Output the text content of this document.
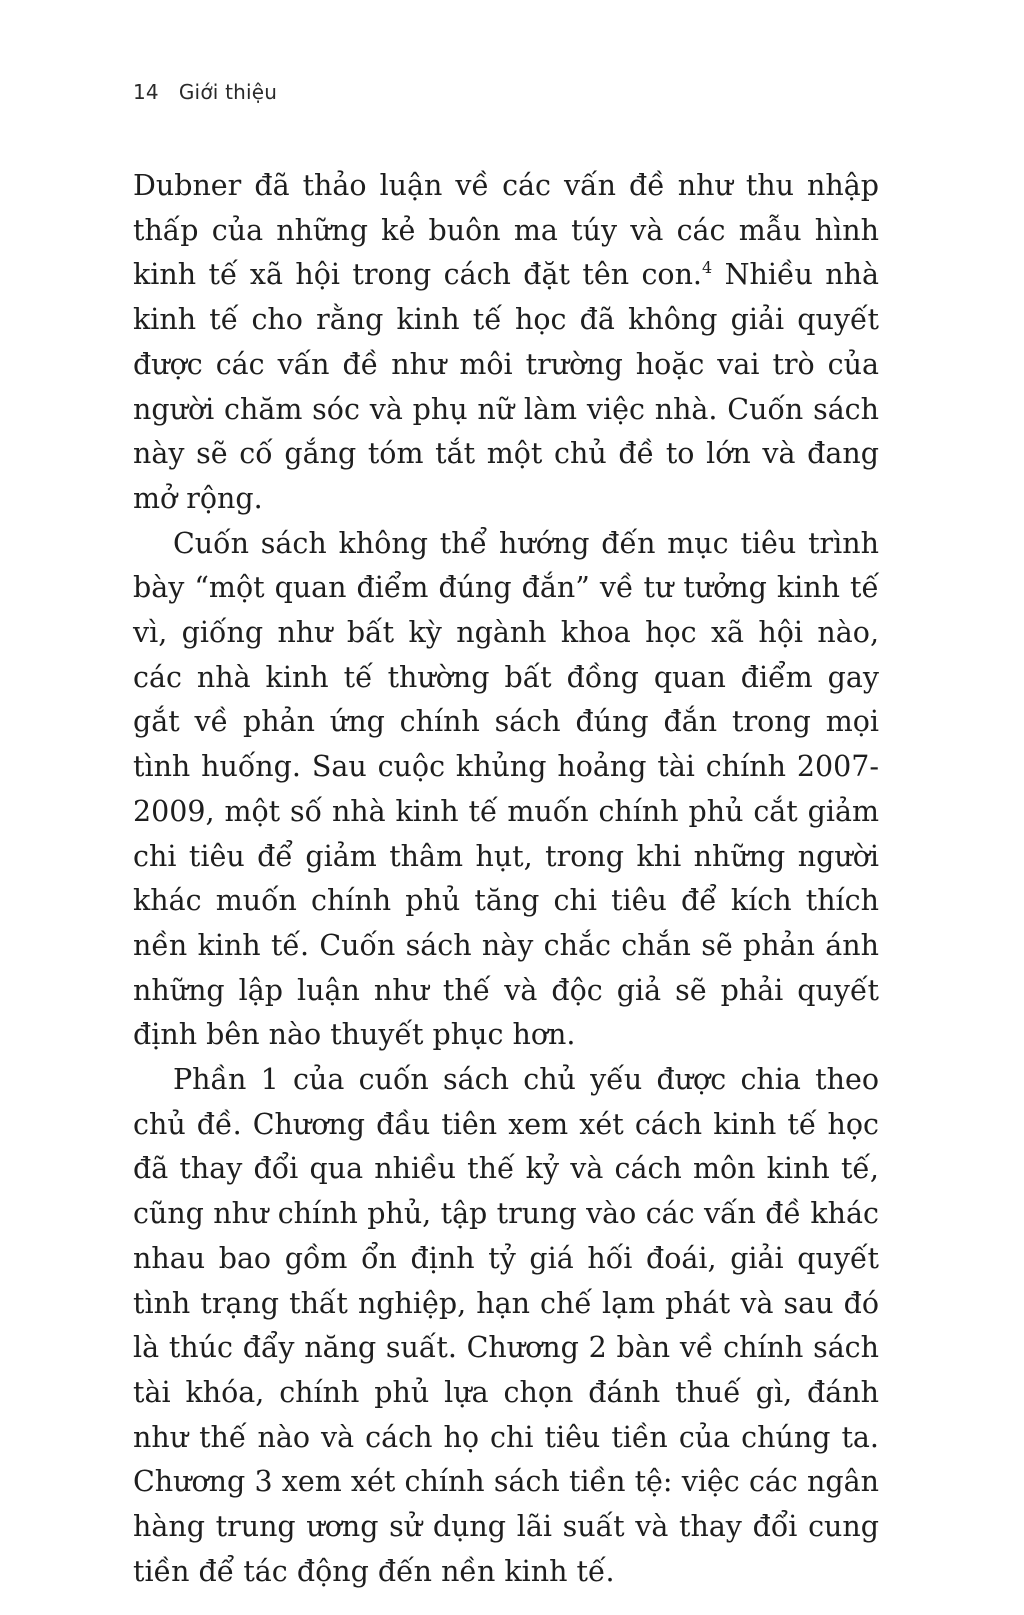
14 Giới thiệu

Dubner đã thảo luận về các vấn đề như thu nhập thấp của những kẻ buôn ma túy và các mẫu hình kinh tế xã hội trong cách đặt tên con.$^4$ Nhiều nhà kinh tế cho rằng kinh tế học đã không giải quyết được các vấn đề như môi trường hoặc vai trò của người chăm sóc và phụ nữ làm việc nhà. Cuốn sách này sẽ cố gắng tóm tắt một chủ đề to lớn và đang mở rộng.

Cuốn sách không thể hướng đến mục tiêu trình bày “một quan điểm đúng đắn” về tư tưởng kinh tế vì, giống như bất kỳ ngành khoa học xã hội nào, các nhà kinh tế thường bất đồng quan điểm gay gắt về phản ứng chính sách đúng đắn trong mọi tình huống. Sau cuộc khủng hoảng tài chính 2007-2009, một số nhà kinh tế muốn chính phủ cắt giảm chi tiêu để giảm thâm hụt, trong khi những người khác muốn chính phủ tăng chi tiêu để kích thích nền kinh tế. Cuốn sách này chắc chắn sẽ phản ánh những lập luận như thế và độc giả sẽ phải quyết định bên nào thuyết phục hơn.

Phần 1 của cuốn sách chủ yếu được chia theo chủ đề. Chương đầu tiên xem xét cách kinh tế học đã thay đổi qua nhiều thế kỷ và cách môn kinh tế, cũng như chính phủ, tập trung vào các vấn đề khác nhau bao gồm ổn định tỷ giá hối đoái, giải quyết tình trạng thất nghiệp, hạn chế lạm phát và sau đó là thúc đẩy năng suất. Chương 2 bàn về chính sách tài khóa, chính phủ lựa chọn đánh thuế gì, đánh như thế nào và cách họ chi tiêu tiền của chúng ta. Chương 3 xem xét chính sách tiền tệ: việc các ngân hàng trung ương sử dụng lãi suất và thay đổi cung tiền để tác động đến nền kinh tế.
